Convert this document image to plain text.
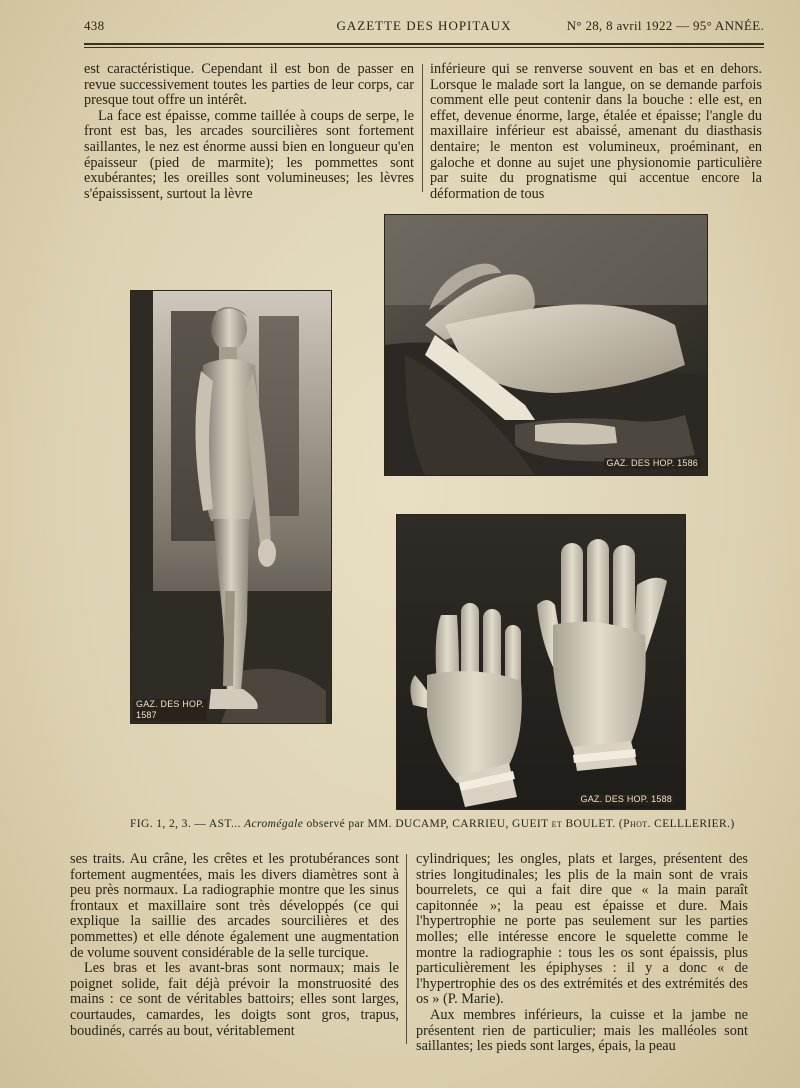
438	GAZETTE DES HOPITAUX	N° 28, 8 avril 1922 — 95° ANNÉE.

est caractéristique. Cependant il est bon de passer en revue successivement toutes les parties de leur corps, car presque tout offre un intérêt.

La face est épaisse, comme taillée à coups de serpe, le front est bas, les arcades sourcilières sont fortement saillantes, le nez est énorme aussi bien en longueur qu'en épaisseur (pied de marmite); les pommettes sont exubérantes; les oreilles sont volumineuses; les lèvres s'épaississent, surtout la lèvre

inférieure qui se renverse souvent en bas et en dehors. Lorsque le malade sort la langue, on se demande parfois comment elle peut contenir dans la bouche : elle est, en effet, devenue énorme, large, étalée et épaisse; l'angle du maxillaire inférieur est abaissé, amenant du diasthasis dentaire; le menton est volumineux, proéminant, en galoche et donne au sujet une physionomie particulière par suite du prognatisme qui accentue encore la déformation de tous

GAZ. DES HOP.
1587
GAZ. DES HOP. 1586
GAZ. DES HOP. 1588
FIG. 1, 2, 3. — AST... Acromégale observé par MM. DUCAMP, CARRIEU, GUEIT et BOULET. (Phot. CELLLERIER.)

ses traits. Au crâne, les crêtes et les protubérances sont fortement augmentées, mais les divers diamètres sont à peu près normaux. La radiographie montre que les sinus frontaux et maxillaire sont très développés (ce qui explique la saillie des arcades sourcilières et des pommettes) et elle dénote également une augmentation de volume souvent considérable de la selle turcique.

Les bras et les avant-bras sont normaux; mais le poignet solide, fait déjà prévoir la monstruosité des mains : ce sont de véritables battoirs; elles sont larges, courtaudes, camardes, les doigts sont gros, trapus, boudinés, carrés au bout, véritablement

cylindriques; les ongles, plats et larges, présentent des stries longitudinales; les plis de la main sont de vrais bourrelets, ce qui a fait dire que « la main paraît capitonnée »; la peau est épaisse et dure. Mais l'hypertrophie ne porte pas seulement sur les parties molles; elle intéresse encore le squelette comme le montre la radiographie : tous les os sont épaissis, plus particulièrement les épiphyses : il y a donc « de l'hypertrophie des os des extrémités et des extrémités des os » (P. Marie).

Aux membres inférieurs, la cuisse et la jambe ne présentent rien de particulier; mais les malléoles sont saillantes; les pieds sont larges, épais, la peau
